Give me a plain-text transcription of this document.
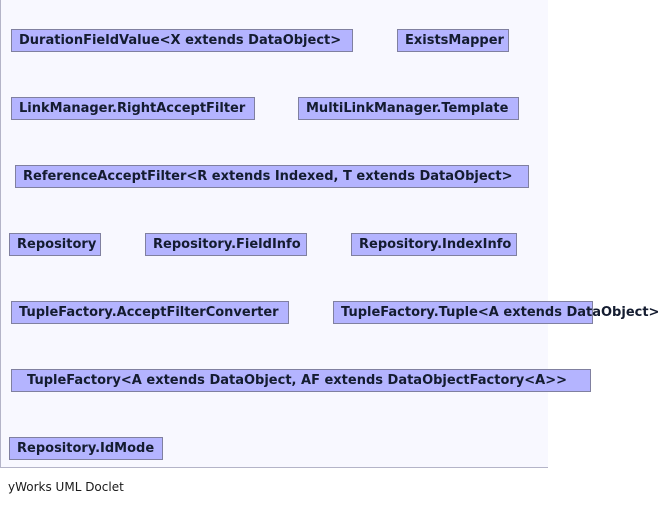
DurationFieldValue<X extends DataObject>	ExistsMapper
LinkManager.RightAcceptFilter	MultiLinkManager.Template
ReferenceAcceptFilter<R extends Indexed, T extends DataObject>
Repository	Repository.FieldInfo	Repository.IndexInfo
TupleFactory.AcceptFilterConverter	TupleFactory.Tuple<A extends DataObject>
TupleFactory<A extends DataObject, AF extends DataObjectFactory<A>>
Repository.IdMode
yWorks UML Doclet
